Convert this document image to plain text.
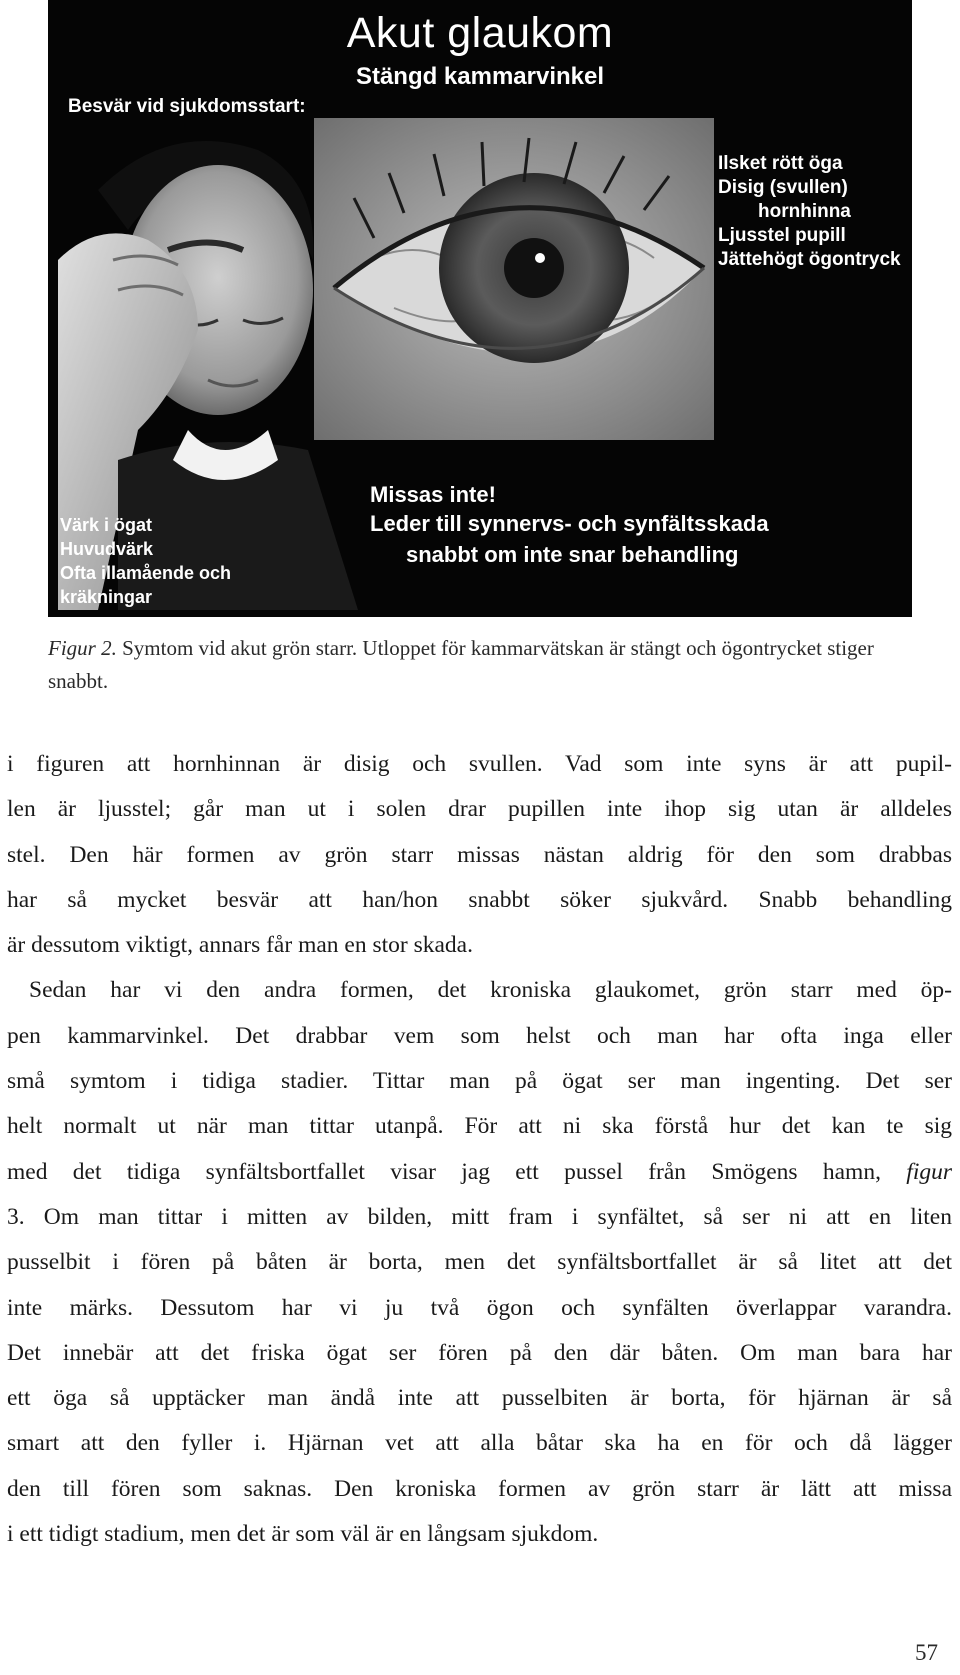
Akut glaukom
Stängd kammarvinkel
Besvär vid sjukdomsstart:
Ilsket rött öga
Disig (svullen)
hornhinna
Ljusstel pupill
Jättehögt ögontryck
Värk i ögat
Huvudvärk
Ofta illamående och
kräkningar
Missas inte!
Leder till synnervs- och synfältsskada
snabbt om inte snar behandling

Figur 2. Symtom vid akut grön starr. Utloppet för kammarvätskan är stängt och ögontrycket stiger snabbt.

i figuren att hornhinnan är disig och svullen. Vad som inte syns är att pupil-
len är ljusstel; går man ut i solen drar pupillen inte ihop sig utan är alldeles
stel. Den här formen av grön starr missas nästan aldrig för den som drabbas
har så mycket besvär att han/hon snabbt söker sjukvård. Snabb behandling
är dessutom viktigt, annars får man en stor skada.
Sedan har vi den andra formen, det kroniska glaukomet, grön starr med öp-
pen kammarvinkel. Det drabbar vem som helst och man har ofta inga eller
små symtom i tidiga stadier. Tittar man på ögat ser man ingenting. Det ser
helt normalt ut när man tittar utanpå. För att ni ska förstå hur det kan te sig
med det tidiga synfältsbortfallet visar jag ett pussel från Smögens hamn, figur
3. Om man tittar i mitten av bilden, mitt fram i synfältet, så ser ni att en liten
pusselbit i fören på båten är borta, men det synfältsbortfallet är så litet att det
inte märks. Dessutom har vi ju två ögon och synfälten överlappar varandra.
Det innebär att det friska ögat ser fören på den där båten. Om man bara har
ett öga så upptäcker man ändå inte att pusselbiten är borta, för hjärnan är så
smart att den fyller i. Hjärnan vet att alla båtar ska ha en för och då lägger
den till fören som saknas. Den kroniska formen av grön starr är lätt att missa
i ett tidigt stadium, men det är som väl är en långsam sjukdom.
57
